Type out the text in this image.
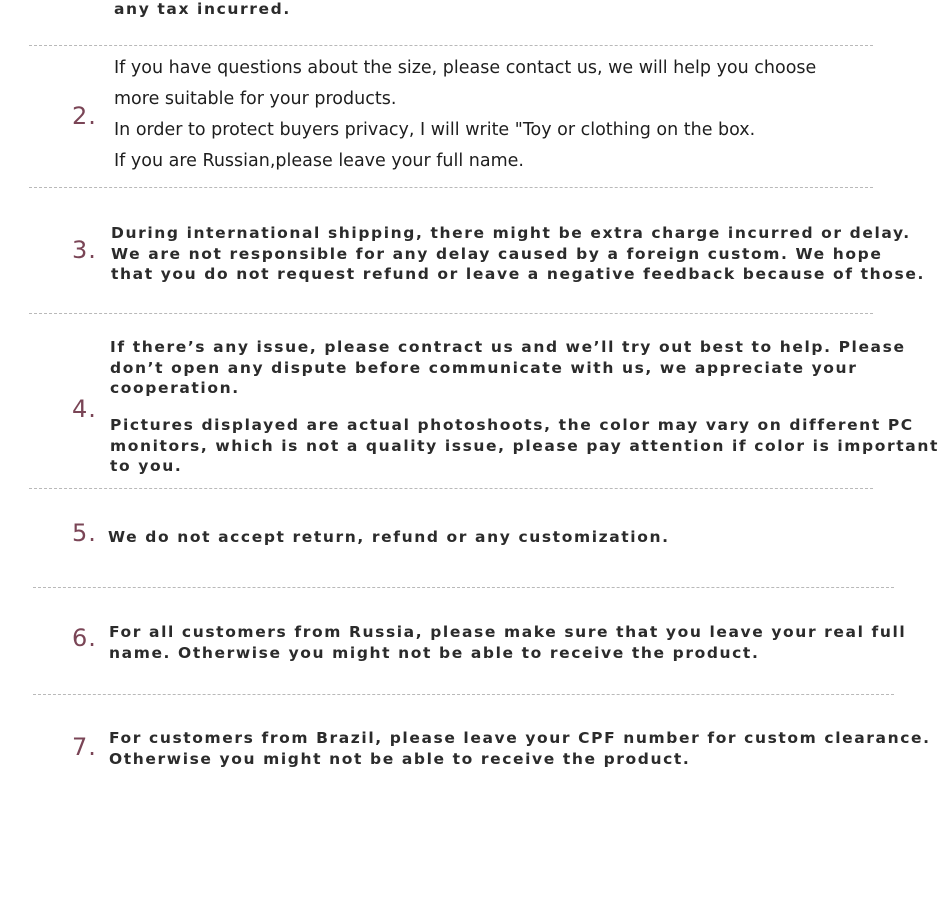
any tax incurred.
2.
If you have questions about the size, please contact us, we will help you choose
more suitable for your products.
In order to protect buyers privacy, I will write "Toy or clothing on the box.
If you are Russian,please leave your full name.
3.
During international shipping, there might be extra charge incurred or delay.
We are not responsible for any delay caused by a foreign custom. We hope
that you do not request refund or leave a negative feedback because of those.
4.
If there’s any issue, please contract us and we’ll try out best to help. Please
don’t open any dispute before communicate with us, we appreciate your
cooperation.
Pictures displayed are actual photoshoots, the color may vary on different PC
monitors, which is not a quality issue, please pay attention if color is important
to you.
5. We do not accept return, refund or any customization.
6. For all customers from Russia, please make sure that you leave your real full
name. Otherwise you might not be able to receive the product.
7. For customers from Brazil, please leave your CPF number for custom clearance.
Otherwise you might not be able to receive the product.
